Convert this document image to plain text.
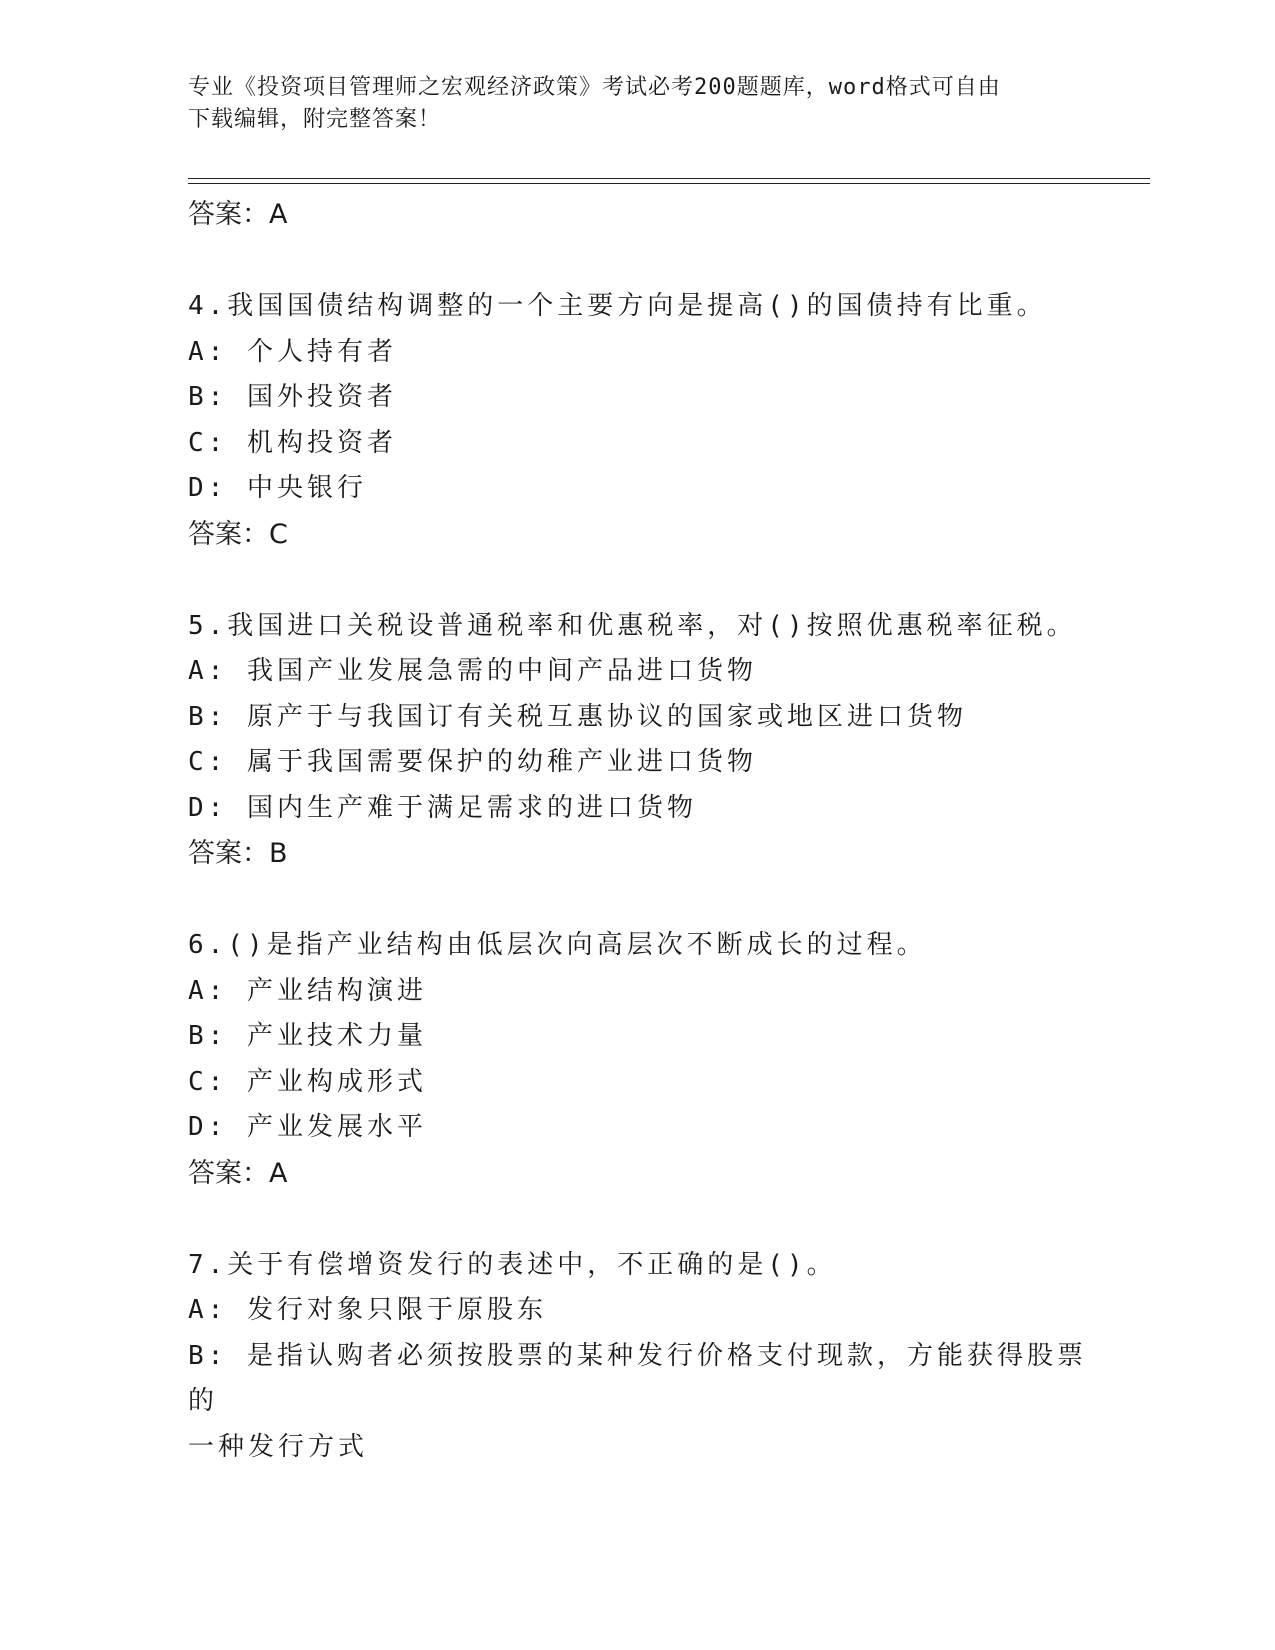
专业《投资项目管理师之宏观经济政策》考试必考200题题库，word格式可自由
下载编辑，附完整答案！
答案：A
4.我国国债结构调整的一个主要方向是提高()的国债持有比重。
A: 个人持有者
B: 国外投资者
C: 机构投资者
D: 中央银行
答案：C
5.我国进口关税设普通税率和优惠税率，对()按照优惠税率征税。
A: 我国产业发展急需的中间产品进口货物
B: 原产于与我国订有关税互惠协议的国家或地区进口货物
C: 属于我国需要保护的幼稚产业进口货物
D: 国内生产难于满足需求的进口货物
答案：B
6.()是指产业结构由低层次向高层次不断成长的过程。
A: 产业结构演进
B: 产业技术力量
C: 产业构成形式
D: 产业发展水平
答案：A
7.关于有偿增资发行的表述中，不正确的是()。
A: 发行对象只限于原股东
B: 是指认购者必须按股票的某种发行价格支付现款，方能获得股票的
一种发行方式
